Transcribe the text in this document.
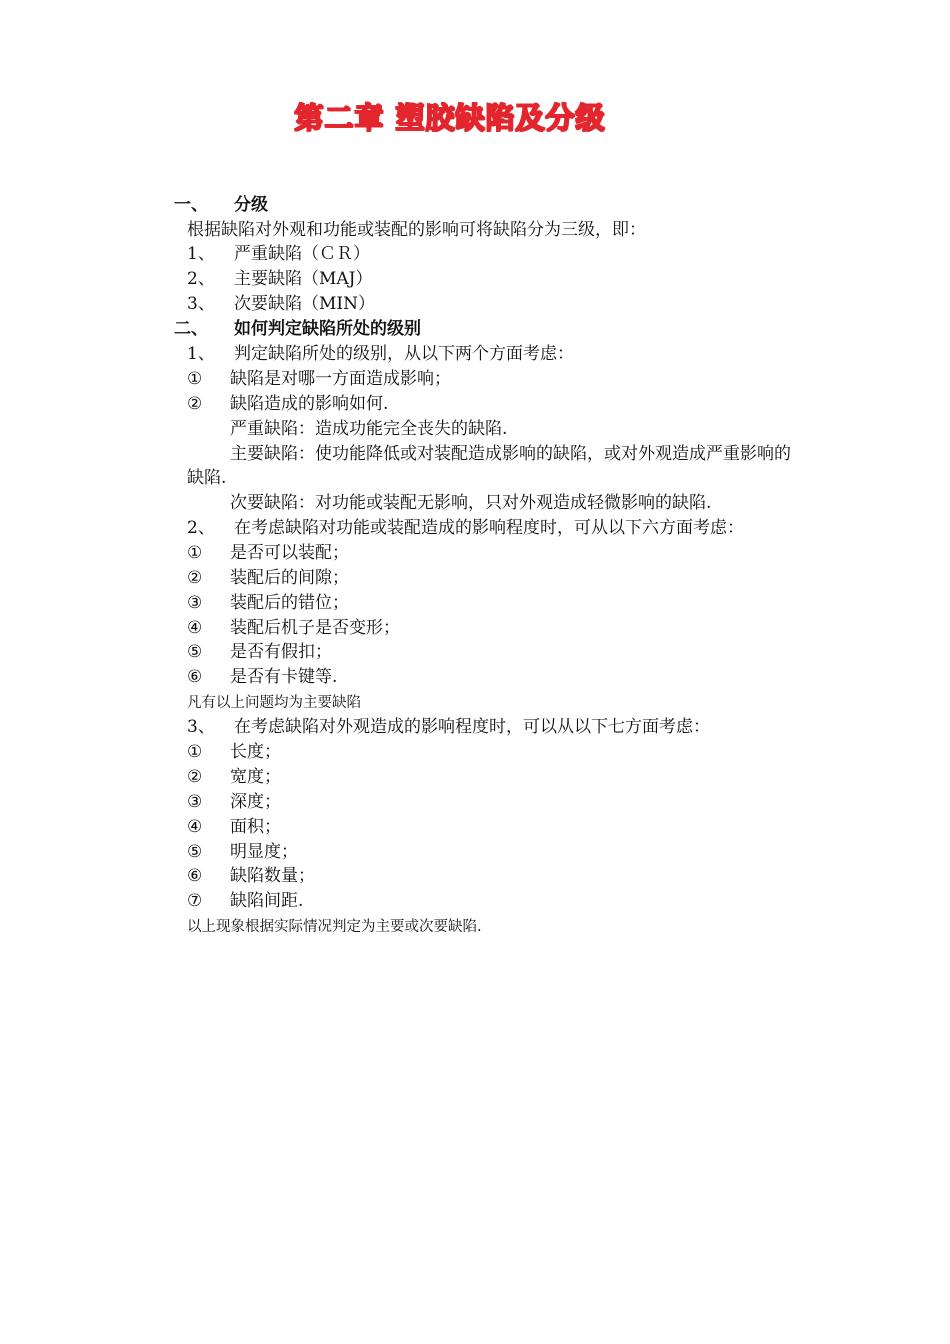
第二章 塑胶缺陷及分级
一、 分级
根据缺陷对外观和功能或装配的影响可将缺陷分为三级，即：
1、 严重缺陷（ＣＲ）
2、 主要缺陷（MAJ）
3、 次要缺陷（MIN）
二、 如何判定缺陷所处的级别
1、 判定缺陷所处的级别，从以下两个方面考虑：
① 缺陷是对哪一方面造成影响；
② 缺陷造成的影响如何.
严重缺陷：造成功能完全丧失的缺陷.
主要缺陷：使功能降低或对装配造成影响的缺陷，或对外观造成严重影响的
缺陷.
次要缺陷：对功能或装配无影响，只对外观造成轻微影响的缺陷.
2、 在考虑缺陷对功能或装配造成的影响程度时，可从以下六方面考虑：
① 是否可以装配；
② 装配后的间隙；
③ 装配后的错位；
④ 装配后机子是否变形；
⑤ 是否有假扣；
⑥ 是否有卡键等.
凡有以上问题均为主要缺陷
3、 在考虑缺陷对外观造成的影响程度时，可以从以下七方面考虑：
① 长度；
② 宽度；
③ 深度；
④ 面积；
⑤ 明显度；
⑥ 缺陷数量；
⑦ 缺陷间距.
以上现象根据实际情况判定为主要或次要缺陷.
